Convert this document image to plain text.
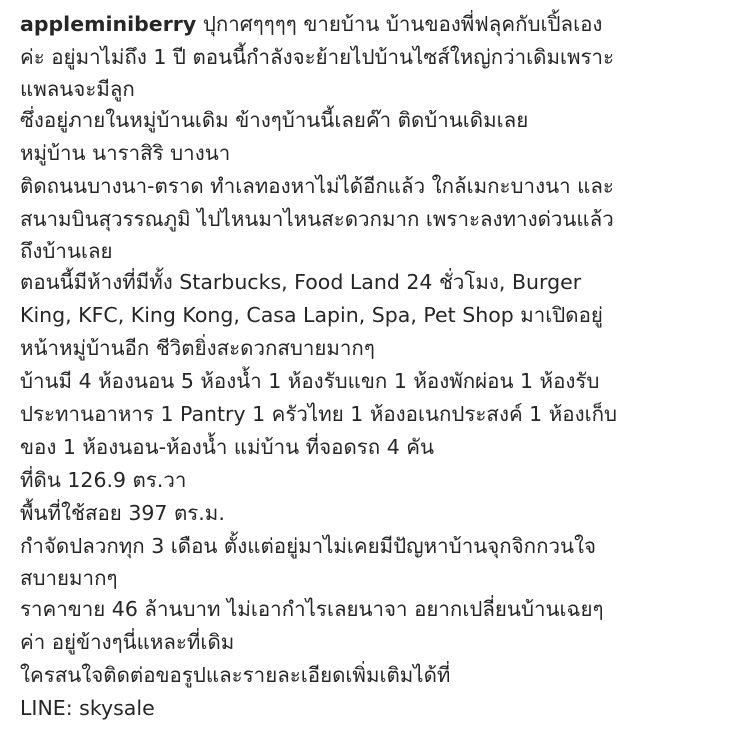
appleminiberry ปุกาศๆๆๆๆ ขายบ้าน บ้านของพี่ฟลุคกับเปิ้ลเอง
ค่ะ อยู่มาไม่ถึง 1 ปี ตอนนี้กำลังจะย้ายไปบ้านไซส์ใหญ่กว่าเดิมเพราะ
แพลนจะมีลูก
ซึ่งอยู่ภายในหมู่บ้านเดิม ข้างๆบ้านนี้เลยค๊า ติดบ้านเดิมเลย
หมู่บ้าน นาราสิริ บางนา
ติดถนนบางนา-ตราด ทำเลทองหาไม่ได้อีกแล้ว ใกล้เมกะบางนา และ
สนามบินสุวรรณภูมิ ไปไหนมาไหนสะดวกมาก เพราะลงทางด่วนแล้ว
ถึงบ้านเลย
ตอนนี้มีห้างที่มีทั้ง Starbucks, Food Land 24 ชั่วโมง, Burger
King, KFC, King Kong, Casa Lapin, Spa, Pet Shop มาเปิดอยู่
หน้าหมู่บ้านอีก ชีวิตยิ่งสะดวกสบายมากๆ
บ้านมี 4 ห้องนอน 5 ห้องน้ำ 1 ห้องรับแขก 1 ห้องพักผ่อน 1 ห้องรับ
ประทานอาหาร 1 Pantry 1 ครัวไทย 1 ห้องอเนกประสงค์ 1 ห้องเก็บ
ของ 1 ห้องนอน-ห้องน้ำ แม่บ้าน ที่จอดรถ 4 คัน
ที่ดิน 126.9 ตร.วา
พื้นที่ใช้สอย 397 ตร.ม.
กำจัดปลวกทุก 3 เดือน ตั้งแต่อยู่มาไม่เคยมีปัญหาบ้านจุกจิกกวนใจ
สบายมากๆ
ราคาขาย 46 ล้านบาท ไม่เอากำไรเลยนาจา อยากเปลี่ยนบ้านเฉยๆ
ค่า อยู่ข้างๆนี่แหละที่เดิม
ใครสนใจติดต่อขอรูปและรายละเอียดเพิ่มเติมได้ที่
LINE: skysale
